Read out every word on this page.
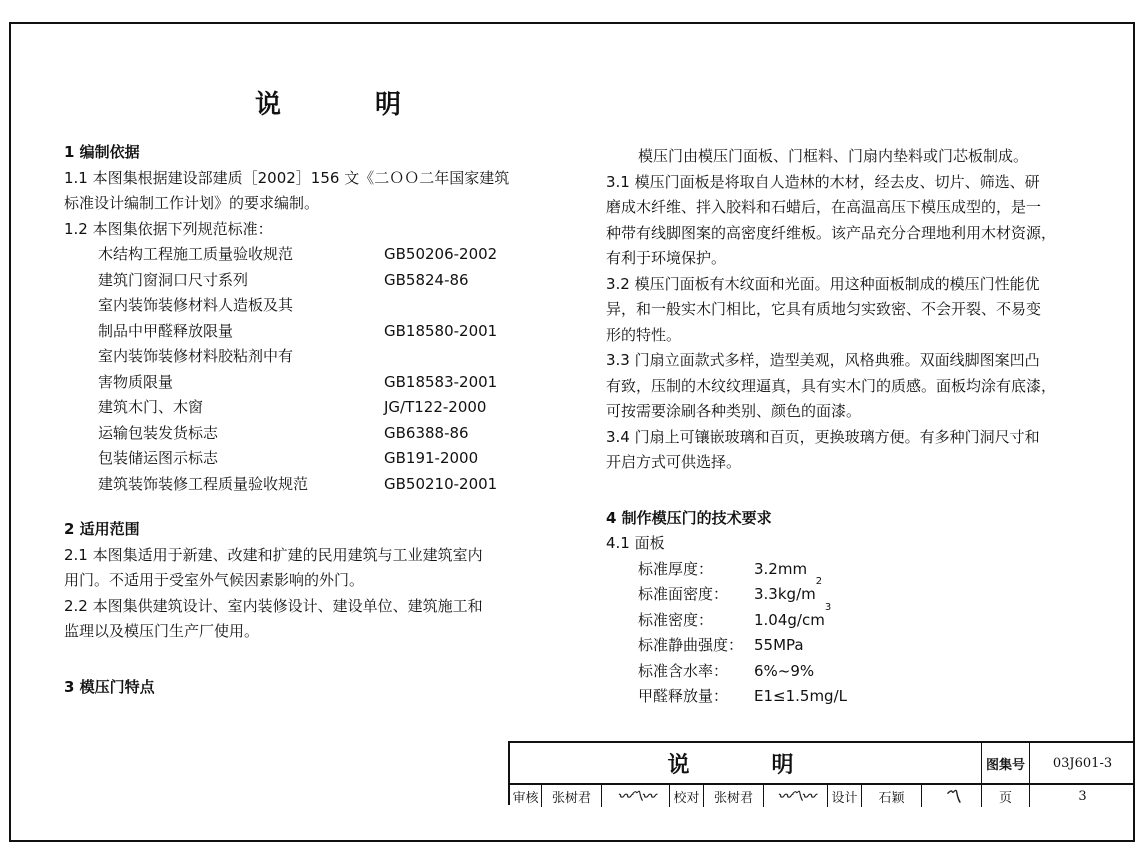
说　明
1 编制依据
1.1 本图集根据建设部建质［2002］156 文《二ＯＯ二年国家建筑
标准设计编制工作计划》的要求编制。
1.2 本图集依据下列规范标准：
木结构工程施工质量验收规范	GB50206-2002
建筑门窗洞口尺寸系列	GB5824-86
室内装饰装修材料人造板及其
制品中甲醛释放限量	GB18580-2001
室内装饰装修材料胶粘剂中有
害物质限量	GB18583-2001
建筑木门、木窗	JG/T122-2000
运输包装发货标志	GB6388-86
包装储运图示标志	GB191-2000
建筑装饰装修工程质量验收规范	GB50210-2001
2 适用范围
2.1 本图集适用于新建、改建和扩建的民用建筑与工业建筑室内
用门。不适用于受室外气候因素影响的外门。
2.2 本图集供建筑设计、室内装修设计、建设单位、建筑施工和
监理以及模压门生产厂使用。
3 模压门特点
模压门由模压门面板、门框料、门扇内垫料或门芯板制成。
3.1 模压门面板是将取自人造林的木材，经去皮、切片、筛选、研
磨成木纤维、拌入胶料和石蜡后，在高温高压下模压成型的，是一
种带有线脚图案的高密度纤维板。该产品充分合理地利用木材资源，
有利于环境保护。
3.2 模压门面板有木纹面和光面。用这种面板制成的模压门性能优
异，和一般实木门相比，它具有质地匀实致密、不会开裂、不易变
形的特性。
3.3 门扇立面款式多样，造型美观，风格典雅。双面线脚图案凹凸
有致，压制的木纹纹理逼真，具有实木门的质感。面板均涂有底漆，
可按需要涂刷各种类别、颜色的面漆。
3.4 门扇上可镶嵌玻璃和百页，更换玻璃方便。有多种门洞尺寸和
开启方式可供选择。
4 制作模压门的技术要求
4.1 面板
标准厚度：	3.2mm
标准面密度：	3.3kg/m
2
标准密度：	1.04g/cm
3
标准静曲强度： 55MPa
标准含水率：	6%~9%
甲醛释放量：	E1≤1.5mg/L
说　明	图集号	03J601-3
审核	张树君	〰〽〰 校对	张树君	〰〽〰 设计	石颖	〽	页	3
